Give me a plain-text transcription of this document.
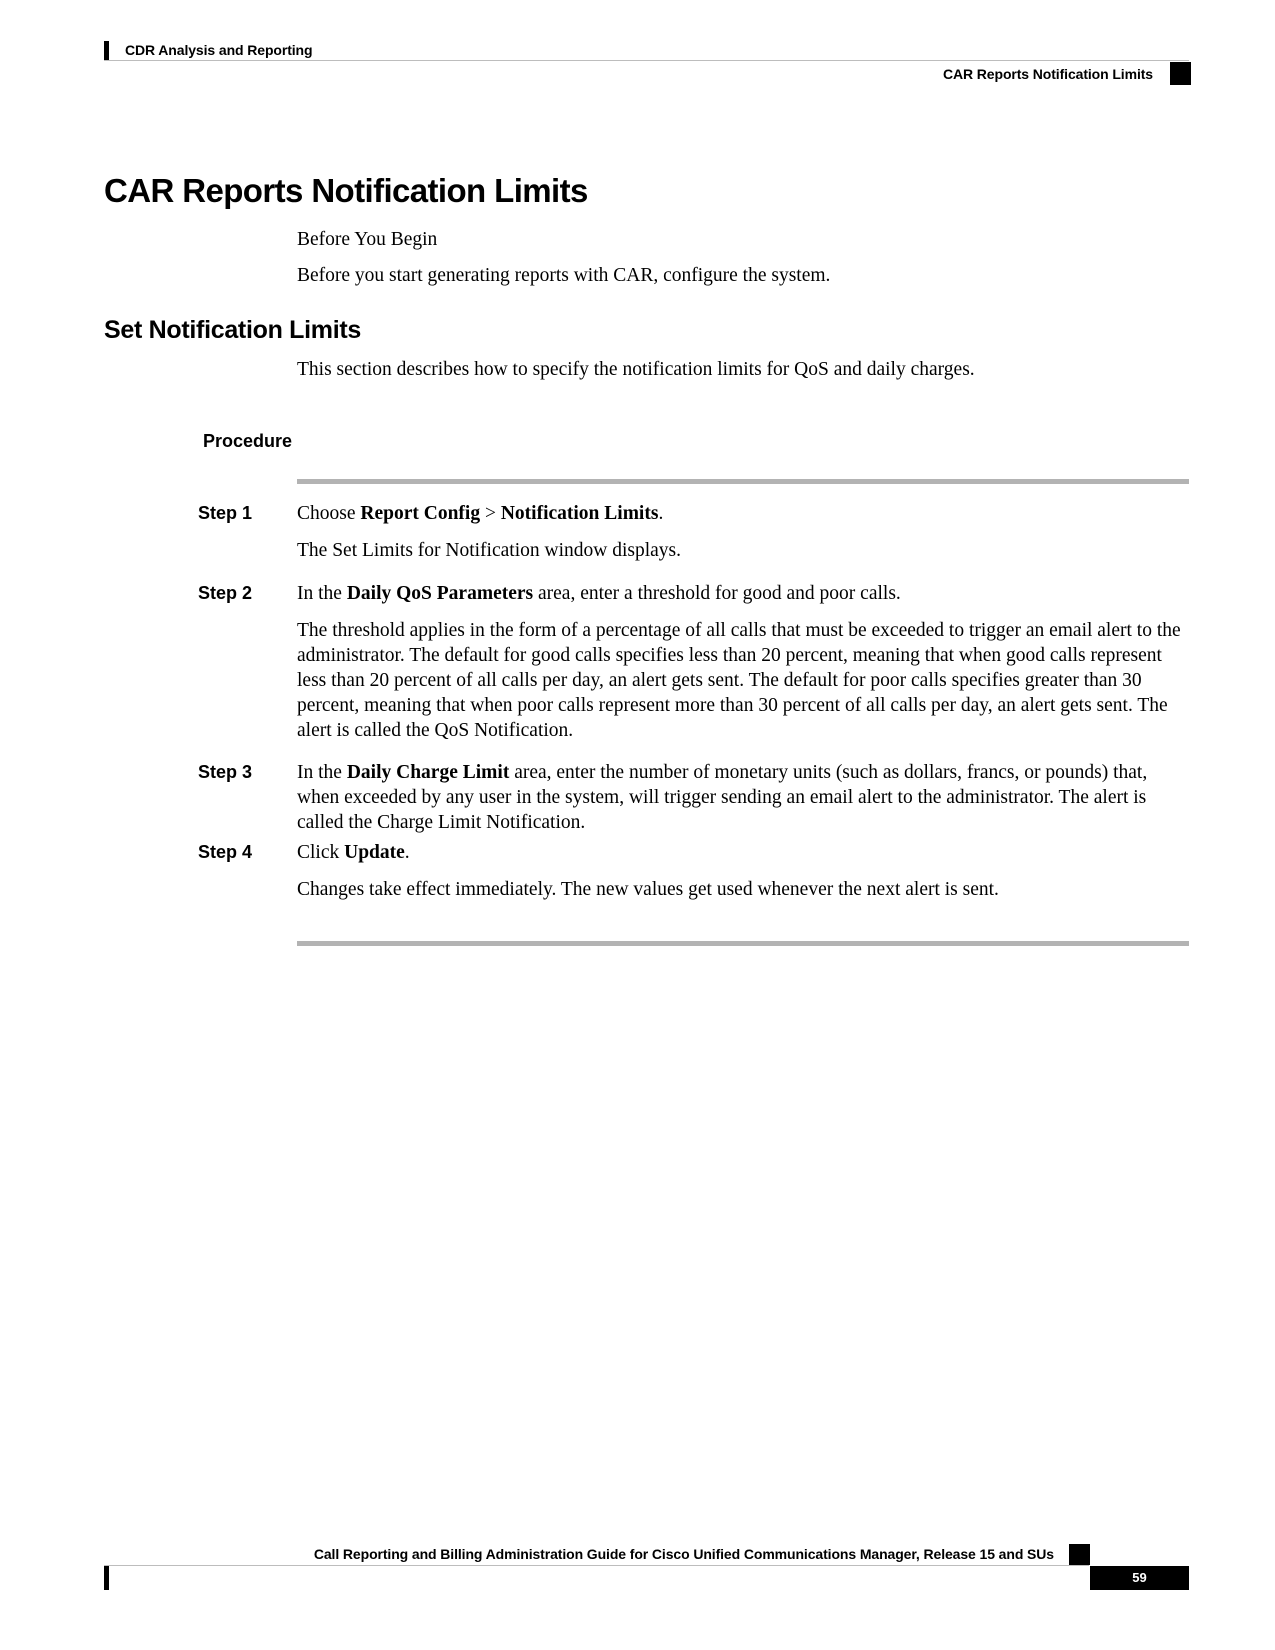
CDR Analysis and Reporting
CAR Reports Notification Limits
CAR Reports Notification Limits
Before You Begin
Before you start generating reports with CAR, configure the system.
Set Notification Limits
This section describes how to specify the notification limits for QoS and daily charges.
Procedure
Step 1 Choose Report Config > Notification Limits.

The Set Limits for Notification window displays.

Step 2 In the Daily QoS Parameters area, enter a threshold for good and poor calls.

The threshold applies in the form of a percentage of all calls that must be exceeded to trigger an email alert to the administrator. The default for good calls specifies less than 20 percent, meaning that when good calls represent less than 20 percent of all calls per day, an alert gets sent. The default for poor calls specifies greater than 30 percent, meaning that when poor calls represent more than 30 percent of all calls per day, an alert gets sent. The alert is called the QoS Notification.

Step 3 In the Daily Charge Limit area, enter the number of monetary units (such as dollars, francs, or pounds) that, when exceeded by any user in the system, will trigger sending an email alert to the administrator. The alert is called the Charge Limit Notification.

Step 4 Click Update.

Changes take effect immediately. The new values get used whenever the next alert is sent.

Call Reporting and Billing Administration Guide for Cisco Unified Communications Manager, Release 15 and SUs
59
